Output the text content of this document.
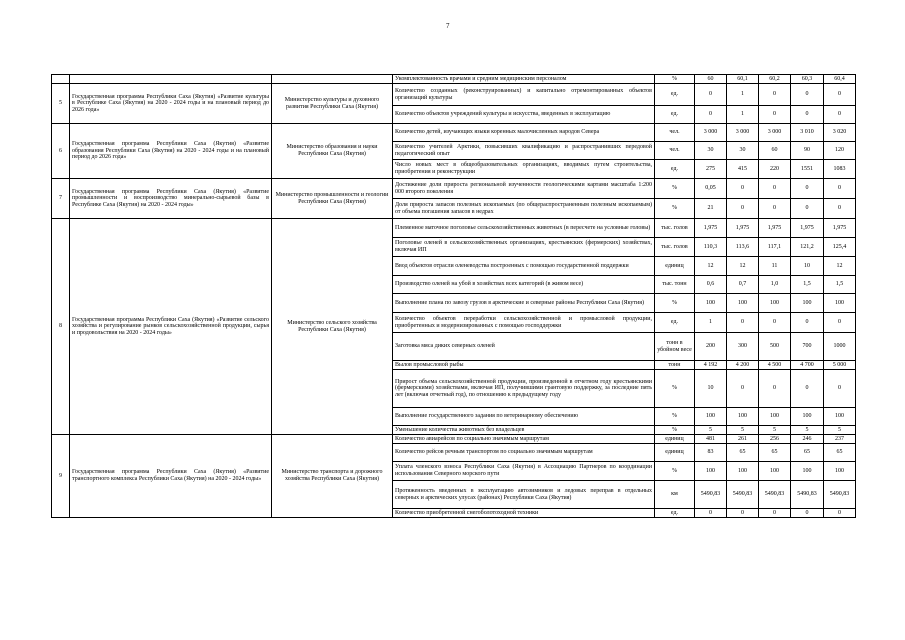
7
			Укомплектованность врачами и средним медицинским персоналом	%	60	60,1	60,2	60,3	60,4
5	Государственная программа Республики Саха (Якутия) «Развитие культуры в Республике Саха (Якутия) на 2020 - 2024 годы и на плановый период до 2026 года»	Министерство культуры и духовного развития Республики Саха (Якутия)	Количество созданных (реконструированных) и капитально отремонтированных объектов организаций культуры	ед.	0	1	0	0	0
			Количество объектов учреждений культуры и искусства, введенных в эксплуатацию	ед.	0	1	0	0	0
6	Государственная программа Республики Саха (Якутия) «Развитие образования Республики Саха (Якутия) на 2020 - 2024 годы и на плановый период до 2026 года»	Министерство образования и науки Республики Саха (Якутия)	Количество детей, изучающих языки коренных малочисленных народов Севера	чел.	3 000	3 000	3 000	3 010	3 020
			Количество учителей Арктики, повысивших квалификацию и распространивших передовой педагогический опыт	чел.	30	30	60	90	120
			Число новых мест в общеобразовательных организациях, вводимых путем строительства, приобретения и реконструкции	ед.	275	415	220	1551	1083
7	Государственная программа Республики Саха (Якутия) «Развитие промышленности и воспроизводство минерально-сырьевой базы в Республике Саха (Якутия) на 2020 - 2024 годы»	Министерство промышленности и геологии Республики Саха (Якутия)	Достижение доли прироста региональной изученности геологическими картами масштаба 1:200 000 второго поколения	%	0,05	0	0	0	0
			Доля прироста запасов полезных ископаемых (по общераспространенным полезным ископаемым) от объема погашения запасов в недрах	%	21	0	0	0	0
8	Государственная программа Республики Саха (Якутия) «Развитие сельского хозяйства и регулирование рынков сельскохозяйственной продукции, сырья и продовольствия на 2020 - 2024 годы»	Министерство сельского хозяйства Республики Саха (Якутия)	Племенное маточное поголовье сельскохозяйственных животных (в пересчете на условные головы)	тыс. голов	1,975	1,975	1,975	1,975	1,975
			Поголовье оленей в сельскохозяйственных организациях, крестьянских (фермерских) хозяйствах, включая ИП	тыс. голов	110,3	113,6	117,1	121,2	125,4
			Ввод объектов отрасли оленеводства построенных с помощью государственной поддержки	единиц	12	12	11	10	12
			Производство оленей на убой в хозяйствах всех категорий (в живом весе)	тыс. тонн	0,6	0,7	1,0	1,5	1,5
			Выполнение плана по завозу грузов в арктические и северные районы Республики Саха (Якутия)	%	100	100	100	100	100
			Количество объектов переработки сельскохозяйственной и промысловой продукции, приобретенных и модернизированных с помощью господдержки	ед.	1	0	0	0	0
			Заготовка мяса диких северных оленей	тонн в убойном весе	200	300	500	700	1000
			Вылов промысловой рыбы	тонн	4 192	4 200	4 500	4 700	5 000
			Прирост объема сельскохозяйственной продукции, произведенной в отчетном году крестьянскими (фермерскими) хозяйствами, включая ИП, получившими грантовую поддержку, за последние пять лет (включая отчетный год), по отношению к предыдущему году	%	10	0	0	0	0
			Выполнение государственного задания по ветеринарному обеспечению	%	100	100	100	100	100
			Уменьшение количества животных без владельцев	%	5	5	5	5	5
9	Государственная программа Республики Саха (Якутия) «Развитие транспортного комплекса Республики Саха (Якутия) на 2020 - 2024 годы»	Министерство транспорта и дорожного хозяйства Республики Саха (Якутия)	Количество авиарейсов по социально значимым маршрутам	единиц	481	261	256	246	237
			Количество рейсов речным транспортом по социально значимым маршрутам	единиц	83	65	65	65	65
			Уплата членского взноса Республики Саха (Якутия) в Ассоциацию Партнеров по координации использования Северного морского пути	%	100	100	100	100	100
			Протяженность введенных в эксплуатацию автозимников и ледовых переправ в отдельных северных и арктических улусах (районах) Республики Саха (Якутия)	км	5490,83	5490,83	5490,83	5490,83	5490,83
			Количество приобретенной снегоболотоходной техники	ед.	0	0	0	0	0
